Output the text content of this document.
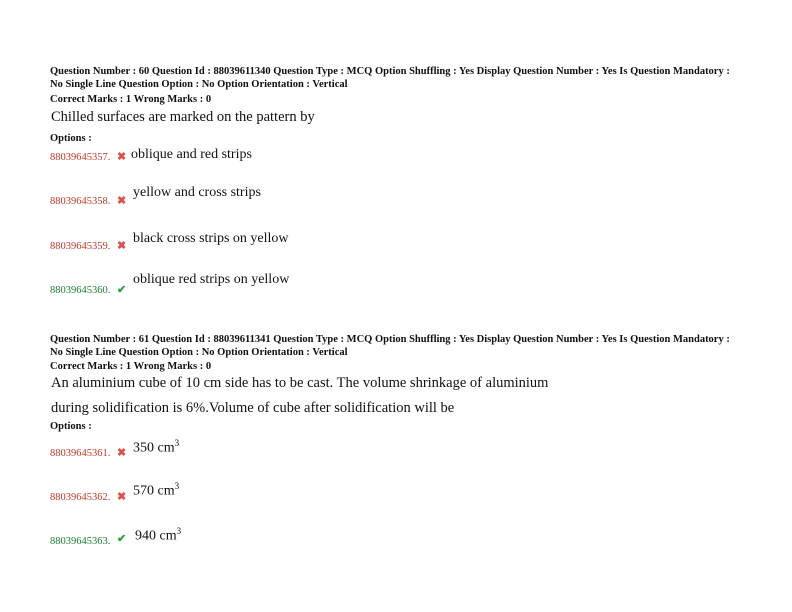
Question Number : 60 Question Id : 88039611340 Question Type : MCQ Option Shuffling : Yes Display Question Number : Yes Is Question Mandatory : No Single Line Question Option : No Option Orientation : Vertical
Correct Marks : 1 Wrong Marks : 0
Chilled surfaces are marked on the pattern by
Options :
88039645357. ✖ oblique and red strips
88039645358. ✖
yellow and cross strips
88039645359. ✖ black cross strips on yellow
88039645360. ✔
oblique red strips on yellow
Question Number : 61 Question Id : 88039611341 Question Type : MCQ Option Shuffling : Yes Display Question Number : Yes Is Question Mandatory : No Single Line Question Option : No Option Orientation : Vertical
Correct Marks : 1 Wrong Marks : 0
An aluminium cube of 10 cm side has to be cast. The volume shrinkage of aluminium
during solidification is 6%.Volume of cube after solidification will be
Options :
88039645361. ✖ 350 $cm^3$
88039645362. ✖ 570 $cm^3$
88039645363. ✔ 940 $cm^3$
